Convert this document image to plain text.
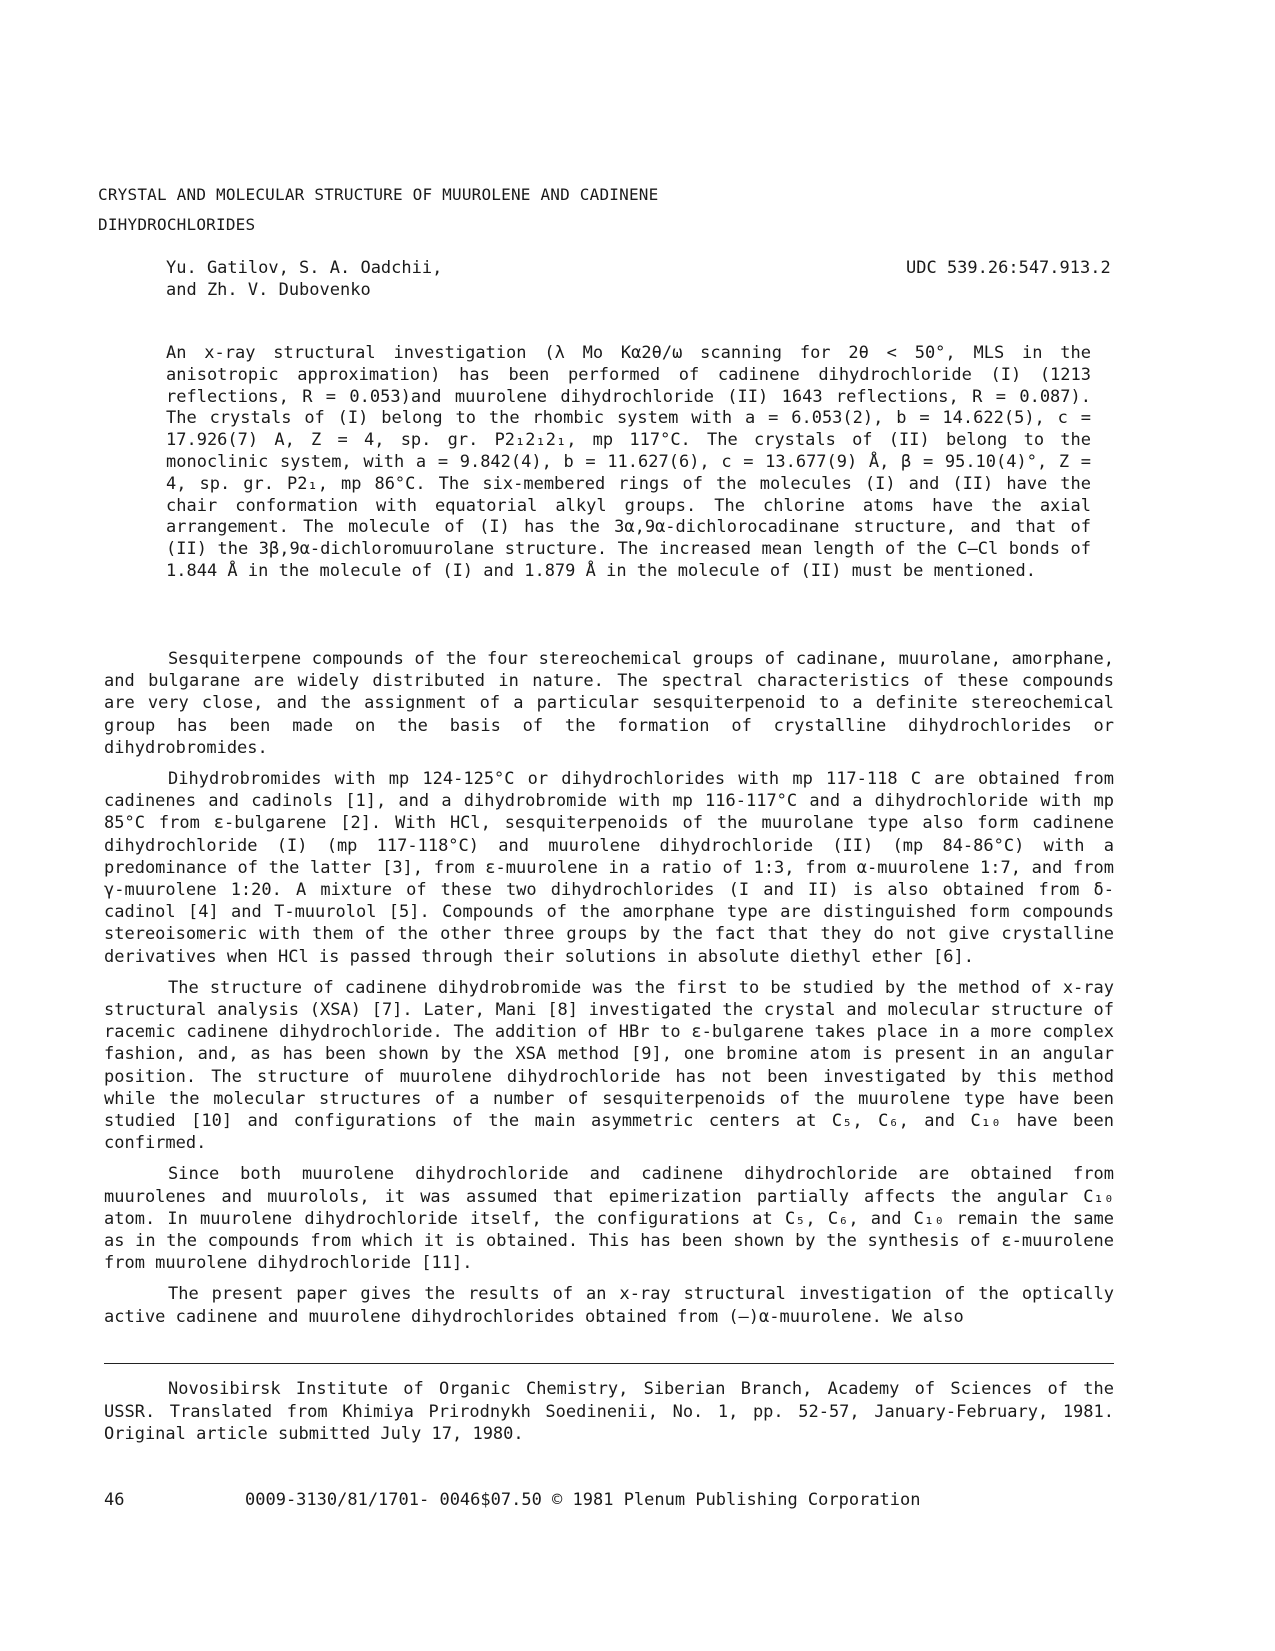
CRYSTAL AND MOLECULAR STRUCTURE OF MUUROLENE AND CADINENE
DIHYDROCHLORIDES
Yu. Gatilov, S. A. Oadchii,
and Zh. V. Dubovenko
UDC 539.26:547.913.2
An x-ray structural investigation (λ Mo Kα2θ/ω scanning for 2θ < 50°, MLS in the anisotropic approximation) has been performed of cadinene dihydrochloride (I) (1213 reflections, R = 0.053)and muurolene dihydrochloride (II) 1643 reflections, R = 0.087). The crystals of (I) belong to the rhombic system with a = 6.053(2), b = 14.622(5), c = 17.926(7) A, Z = 4, sp. gr. P2₁2₁2₁, mp 117°C. The crystals of (II) belong to the monoclinic system, with a = 9.842(4), b = 11.627(6), c = 13.677(9) Å, β = 95.10(4)°, Z = 4, sp. gr. P2₁, mp 86°C. The six-membered rings of the molecules (I) and (II) have the chair conformation with equatorial alkyl groups. The chlorine atoms have the axial arrangement. The molecule of (I) has the 3α,9α-dichlorocadinane structure, and that of (II) the 3β,9α-dichloromuurolane structure. The increased mean length of the C—Cl bonds of 1.844 Å in the molecule of (I) and 1.879 Å in the molecule of (II) must be mentioned.

Sesquiterpene compounds of the four stereochemical groups of cadinane, muurolane, amorphane, and bulgarane are widely distributed in nature. The spectral characteristics of these compounds are very close, and the assignment of a particular sesquiterpenoid to a definite stereochemical group has been made on the basis of the formation of crystalline dihydrochlorides or dihydrobromides.

Dihydrobromides with mp 124-125°C or dihydrochlorides with mp 117-118 C are obtained from cadinenes and cadinols [1], and a dihydrobromide with mp 116-117°C and a dihydrochloride with mp 85°C from ε-bulgarene [2]. With HCl, sesquiterpenoids of the muurolane type also form cadinene dihydrochloride (I) (mp 117-118°C) and muurolene dihydrochloride (II) (mp 84-86°C) with a predominance of the latter [3], from ε-muurolene in a ratio of 1:3, from α-muurolene 1:7, and from γ-muurolene 1:20. A mixture of these two dihydrochlorides (I and II) is also obtained from δ-cadinol [4] and T-muurolol [5]. Compounds of the amorphane type are distinguished form compounds stereoisomeric with them of the other three groups by the fact that they do not give crystalline derivatives when HCl is passed through their solutions in absolute diethyl ether [6].

The structure of cadinene dihydrobromide was the first to be studied by the method of x-ray structural analysis (XSA) [7]. Later, Mani [8] investigated the crystal and molecular structure of racemic cadinene dihydrochloride. The addition of HBr to ε-bulgarene takes place in a more complex fashion, and, as has been shown by the XSA method [9], one bromine atom is present in an angular position. The structure of muurolene dihydrochloride has not been investigated by this method while the molecular structures of a number of sesquiterpenoids of the muurolene type have been studied [10] and configurations of the main asymmetric centers at C₅, C₆, and C₁₀ have been confirmed.

Since both muurolene dihydrochloride and cadinene dihydrochloride are obtained from muurolenes and muurolols, it was assumed that epimerization partially affects the angular C₁₀ atom. In muurolene dihydrochloride itself, the configurations at C₅, C₆, and C₁₀ remain the same as in the compounds from which it is obtained. This has been shown by the synthesis of ε-muurolene from muurolene dihydrochloride [11].

The present paper gives the results of an x-ray structural investigation of the optically active cadinene and muurolene dihydrochlorides obtained from (—)α-muurolene. We also

Novosibirsk Institute of Organic Chemistry, Siberian Branch, Academy of Sciences of the USSR. Translated from Khimiya Prirodnykh Soedinenii, No. 1, pp. 52-57, January-February, 1981. Original article submitted July 17, 1980.
46	0009-3130/81/1701- 0046$07.50 © 1981 Plenum Publishing Corporation
